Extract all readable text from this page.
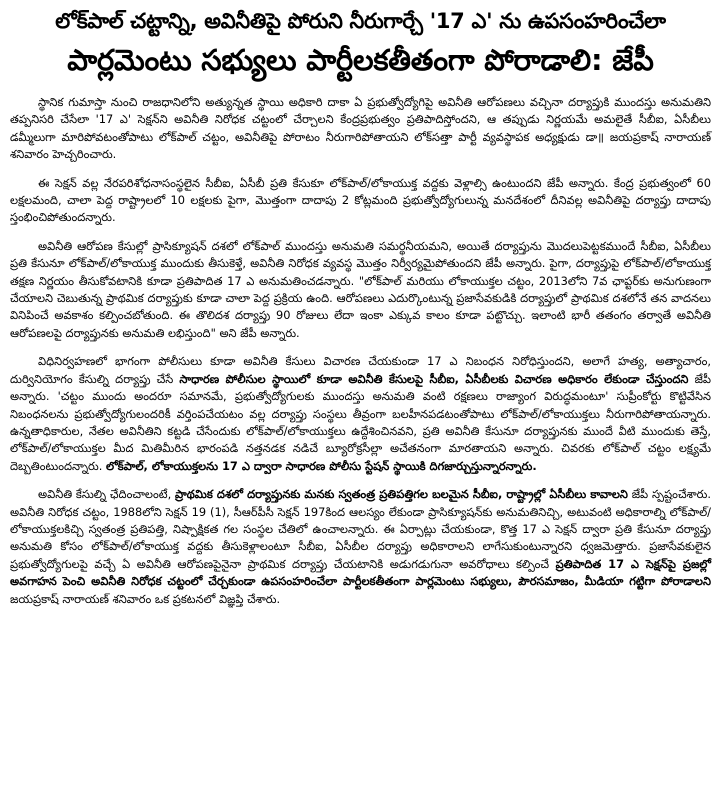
లోక్‌పాల్ చట్టాన్ని, అవినీతిపై పోరుని నీరుగార్చే '17 ఎ' ను ఉపసంహరించేలా
పార్లమెంటు సభ్యులు పార్టీలకతీతంగా పోరాడాలి: జేపీ

స్థానిక గుమాస్తా నుంచి రాజధానిలోని అత్యున్నత స్థాయి అధికారి దాకా ఏ ప్రభుత్వోద్యోగిపై అవినీతి ఆరోపణలు వచ్చినా దర్యాప్తుకి ముందస్తు అనుమతిని తప్పనిసరి చేసేలా '17 ఎ' సెక్షన్‌ని అవినీతి నిరోధక చట్టంలో చేర్చాలని కేంద్రప్రభుత్వం ప్రతిపాదిస్తోందని, ఆ తప్పుడు నిర్ణయమే అమలైతే సీబీఐ, ఏసీబీలు డమ్మీలుగా మారిపోవటంతోపాటు లోక్‌పాల్ చట్టం, అవినీతిపై పోరాటం నీరుగారిపోతాయని లోక్‌సత్తా పార్టీ వ్యవస్థాపక అధ్యక్షుడు డా॥ జయప్రకాష్ నారాయణ్ శనివారం హెచ్చరించారు.

ఈ సెక్షన్ వల్ల నేరపరిశోధనాసంస్థలైన సీబీఐ, ఏసీబీ ప్రతి కేసుకూ లోక్‌పాల్/లోకాయుక్త వద్దకు వెళ్లాల్సి ఉంటుందని జేపీ అన్నారు. కేంద్ర ప్రభుత్వంలో 60 లక్షలమంది, చాలా పెద్ద రాష్ట్రాలలో 10 లక్షలకు పైగా, మొత్తంగా దాదాపు 2 కోట్లమంది ప్రభుత్వోద్యోగులున్న మనదేశంలో దీనివల్ల అవినీతిపై దర్యాప్తు దాదాపు స్తంభించిపోతుందన్నారు.

అవినీతి ఆరోపణ కేసుల్లో ప్రాసిక్యూషన్ దశలో లోక్‌పాల్ ముందస్తు అనుమతి సమర్థనీయమని, అయితే దర్యాప్తును మొదలుపెట్టకముందే సీబీఐ, ఏసీబీలు ప్రతి కేసునూ లోక్‌పాల్/లోకాయుక్త ముందుకు తీసుకెళ్తే, అవినీతి నిరోధక వ్యవస్థ మొత్తం నిర్వీర్యమైపోతుందని జేపీ అన్నారు. పైగా, దర్యాప్తుపై లోక్‌పాల్/లోకాయుక్త తక్షణ నిర్ణయం తీసుకోవటానికి కూడా ప్రతిపాదిత 17 ఎ అనుమతించడన్నారు. "లోక్‌పాల్ మరియు లోకాయుక్తల చట్టం, 2013లోని 7వ ఛాప్టర్‌కు అనుగుణంగా చేయాలని చెబుతున్న ప్రాథమిక దర్యాప్తుకు కూడా చాలా పెద్ద ప్రక్రియ ఉంది. ఆరోపణలు ఎదుర్కొంటున్న ప్రజాసేవకుడికి దర్యాప్తులో ప్రాథమిక దశలోనే తన వాదనలు వినిపించే అవకాశం కల్పించబోతుంది. ఈ తొలిదశ దర్యాప్తు 90 రోజులు లేదా ఇంకా ఎక్కువ కాలం కూడా పట్టొచ్చు. ఇలాంటి భారీ తతంగం తర్వాతే అవినీతి ఆరోపణలపై దర్యాప్తునకు అనుమతి లభిస్తుంది" అని జేపీ అన్నారు.

విధినిర్వహణలో భాగంగా పోలీసులు కూడా అవినీతి కేసులు విచారణ చేయకుండా 17 ఎ నిబంధన నిరోధిస్తుందని, అలాగే హత్య, అత్యాచారం, దుర్వినియోగం కేసుల్ని దర్యాప్తు చేసే సాధారణ పోలీసుల స్థాయిలో కూడా అవినీతి కేసులపై సీబీఐ, ఏసీబీలకు విచారణ అధికారం లేకుండా చేస్తుందని జేపీ అన్నారు. 'చట్టం ముందు అందరూ సమానమే, ప్రభుత్వోద్యోగులకు ముందస్తు అనుమతి వంటి రక్షణలు రాజ్యాంగ విరుద్ధమంటూ' సుప్రీంకోర్టు కొట్టివేసిన నిబంధనలను ప్రభుత్వోద్యోగులందరికీ వర్తింపచేయటం వల్ల దర్యాప్తు సంస్థలు తీవ్రంగా బలహీనపడటంతోపాటు లోక్‌పాల్/లోకాయుక్తలు నీరుగారిపోతాయన్నారు. ఉన్నతాధికారుల, నేతల అవినీతిని కట్టడి చేసేందుకు లోక్‌పాల్/లోకాయుక్తలు ఉద్దేశించినవని, ప్రతి అవినీతి కేసునూ దర్యాప్తునకు ముందే వీటి ముందుకు తెస్తే, లోక్‌పాల్/లోకాయుక్తల మీద మితిమీరిన భారంపడి నత్తనడక నడిచే బ్యూరోక్రసీల్లా అచేతనంగా మారతాయని అన్నారు. చివరకు లోక్‌పాల్ చట్టం లక్ష్యమే దెబ్బతింటుందన్నారు. లోక్‌పాల్, లోకాయుక్తలను 17 ఎ ద్వారా సాధారణ పోలీసు స్టేషన్ స్థాయికి దిగజార్చుస్తున్నారన్నారు.

అవినీతి కేసుల్ని ఛేదించాలంటే, ప్రాథమిక దశలో దర్యాప్తునకు మనకు స్వతంత్ర ప్రతిపత్తిగల బలమైన సీబీఐ, రాష్ట్రాల్లో ఏసీబీలు కావాలని జేపీ స్పష్టంచేశారు. అవినీతి నిరోధక చట్టం, 1988లోని సెక్షన్ 19 (1), సీఆర్‌పీసీ సెక్షన్ 197కింద ఆలస్యం లేకుండా ప్రాసిక్యూషన్‌కు అనుమతినిచ్చి, అటువంటి అధికారాల్ని లోక్‌పాల్/లోకాయుక్తలకిచ్చి స్వతంత్ర ప్రతిపత్తి, నిష్పాక్షికత గల సంస్థల చేతిలో ఉంచాలన్నారు. ఈ ఏర్పాట్లు చేయకుండా, కొత్త 17 ఎ సెక్షన్ ద్వారా ప్రతి కేసునూ దర్యాప్తు అనుమతి కోసం లోక్‌పాల్/లోకాయుక్త వద్దకు తీసుకెళ్లాలంటూ సీబీఐ, ఏసీబీల దర్యాప్తు అధికారాలని లాగేసుకుంటున్నారని ధ్వజమెత్తారు. ప్రజాసేవకులైన ప్రభుత్వోద్యోగులపై వచ్చే ఏ అవినీతి ఆరోపణపైనైనా ప్రాథమిక దర్యాప్తు చేయటానికి అడుగడుగునా అవరోధాలు కల్పించే ప్రతిపాదిత 17 ఎ సెక్షన్‌పై ప్రజల్లో అవగాహన పెంచి అవినీతి నిరోధక చట్టంలో చేర్చకుండా ఉపసంహరించేలా పార్టీలకతీతంగా పార్లమెంటు సభ్యులు, పౌరసమాజం, మీడియా గట్టిగా పోరాడాలని జయప్రకాష్ నారాయణ్ శనివారం ఒక ప్రకటనలో విజ్ఞప్తి చేశారు.
